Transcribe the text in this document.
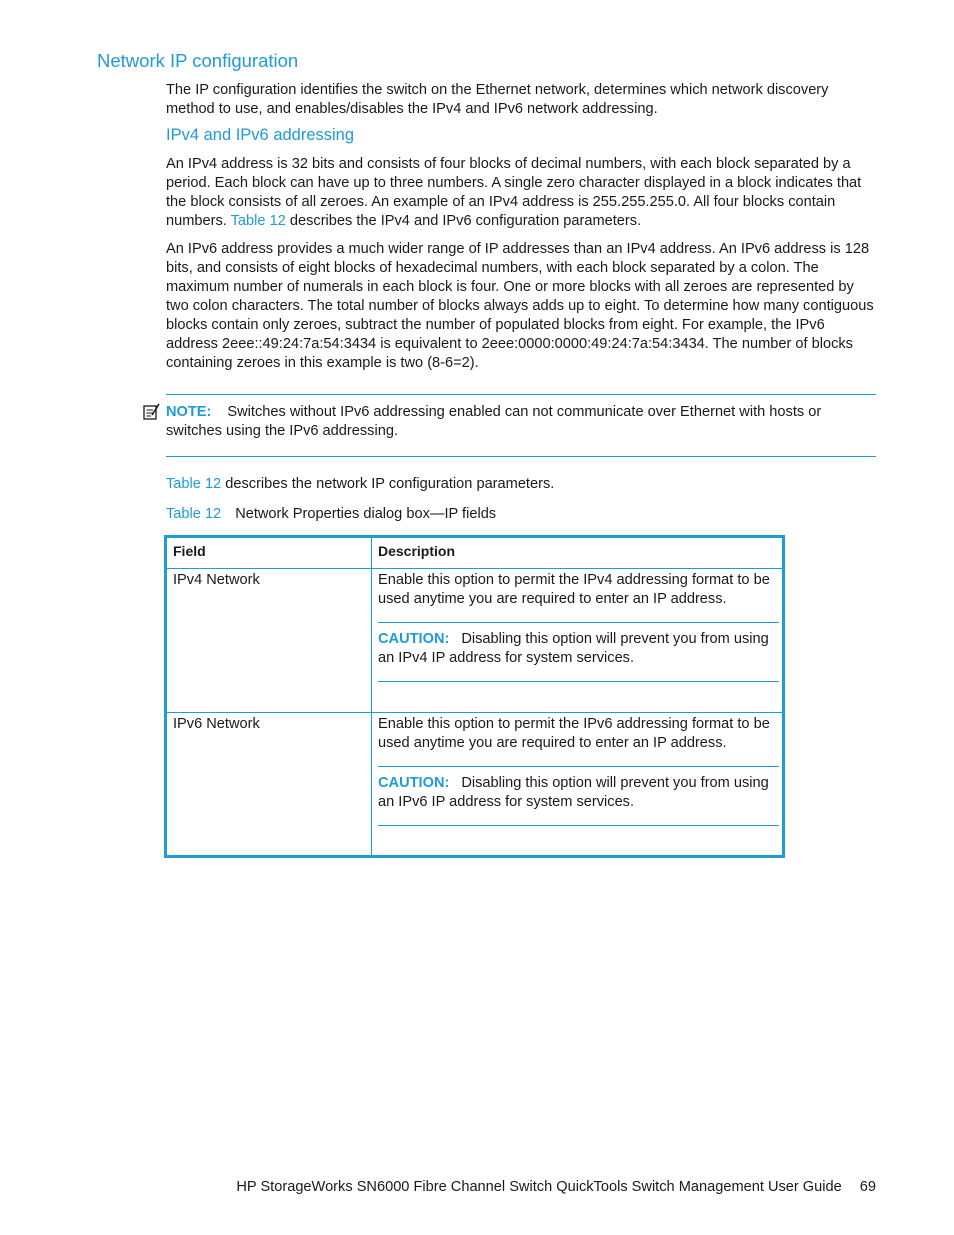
Network IP configuration
The IP configuration identifies the switch on the Ethernet network, determines which network discovery method to use, and enables/disables the IPv4 and IPv6 network addressing.
IPv4 and IPv6 addressing
An IPv4 address is 32 bits and consists of four blocks of decimal numbers, with each block separated by a period. Each block can have up to three numbers. A single zero character displayed in a block indicates that the block consists of all zeroes. An example of an IPv4 address is 255.255.255.0. All four blocks contain numbers. Table 12 describes the IPv4 and IPv6 configuration parameters.
An IPv6 address provides a much wider range of IP addresses than an IPv4 address. An IPv6 address is 128 bits, and consists of eight blocks of hexadecimal numbers, with each block separated by a colon. The maximum number of numerals in each block is four. One or more blocks with all zeroes are represented by two colon characters. The total number of blocks always adds up to eight. To determine how many contiguous blocks contain only zeroes, subtract the number of populated blocks from eight. For example, the IPv6 address 2eee::49:24:7a:54:3434 is equivalent to 2eee:0000:0000:49:24:7a:54:3434. The number of blocks containing zeroes in this example is two (8-6=2).
NOTE: Switches without IPv6 addressing enabled can not communicate over Ethernet with hosts or switches using the IPv6 addressing.
Table 12 describes the network IP configuration parameters.
Table 12 Network Properties dialog box—IP fields
Field	Description
IPv4 Network	Enable this option to permit the IPv4 addressing format to be used anytime you are required to enter an IP address.
CAUTION: Disabling this option will prevent you from using an IPv4 IP address for system services.

IPv6 Network	Enable this option to permit the IPv6 addressing format to be used anytime you are required to enter an IP address.
CAUTION: Disabling this option will prevent you from using an IPv6 IP address for system services.
HP StorageWorks SN6000 Fibre Channel Switch QuickTools Switch Management User Guide 69
